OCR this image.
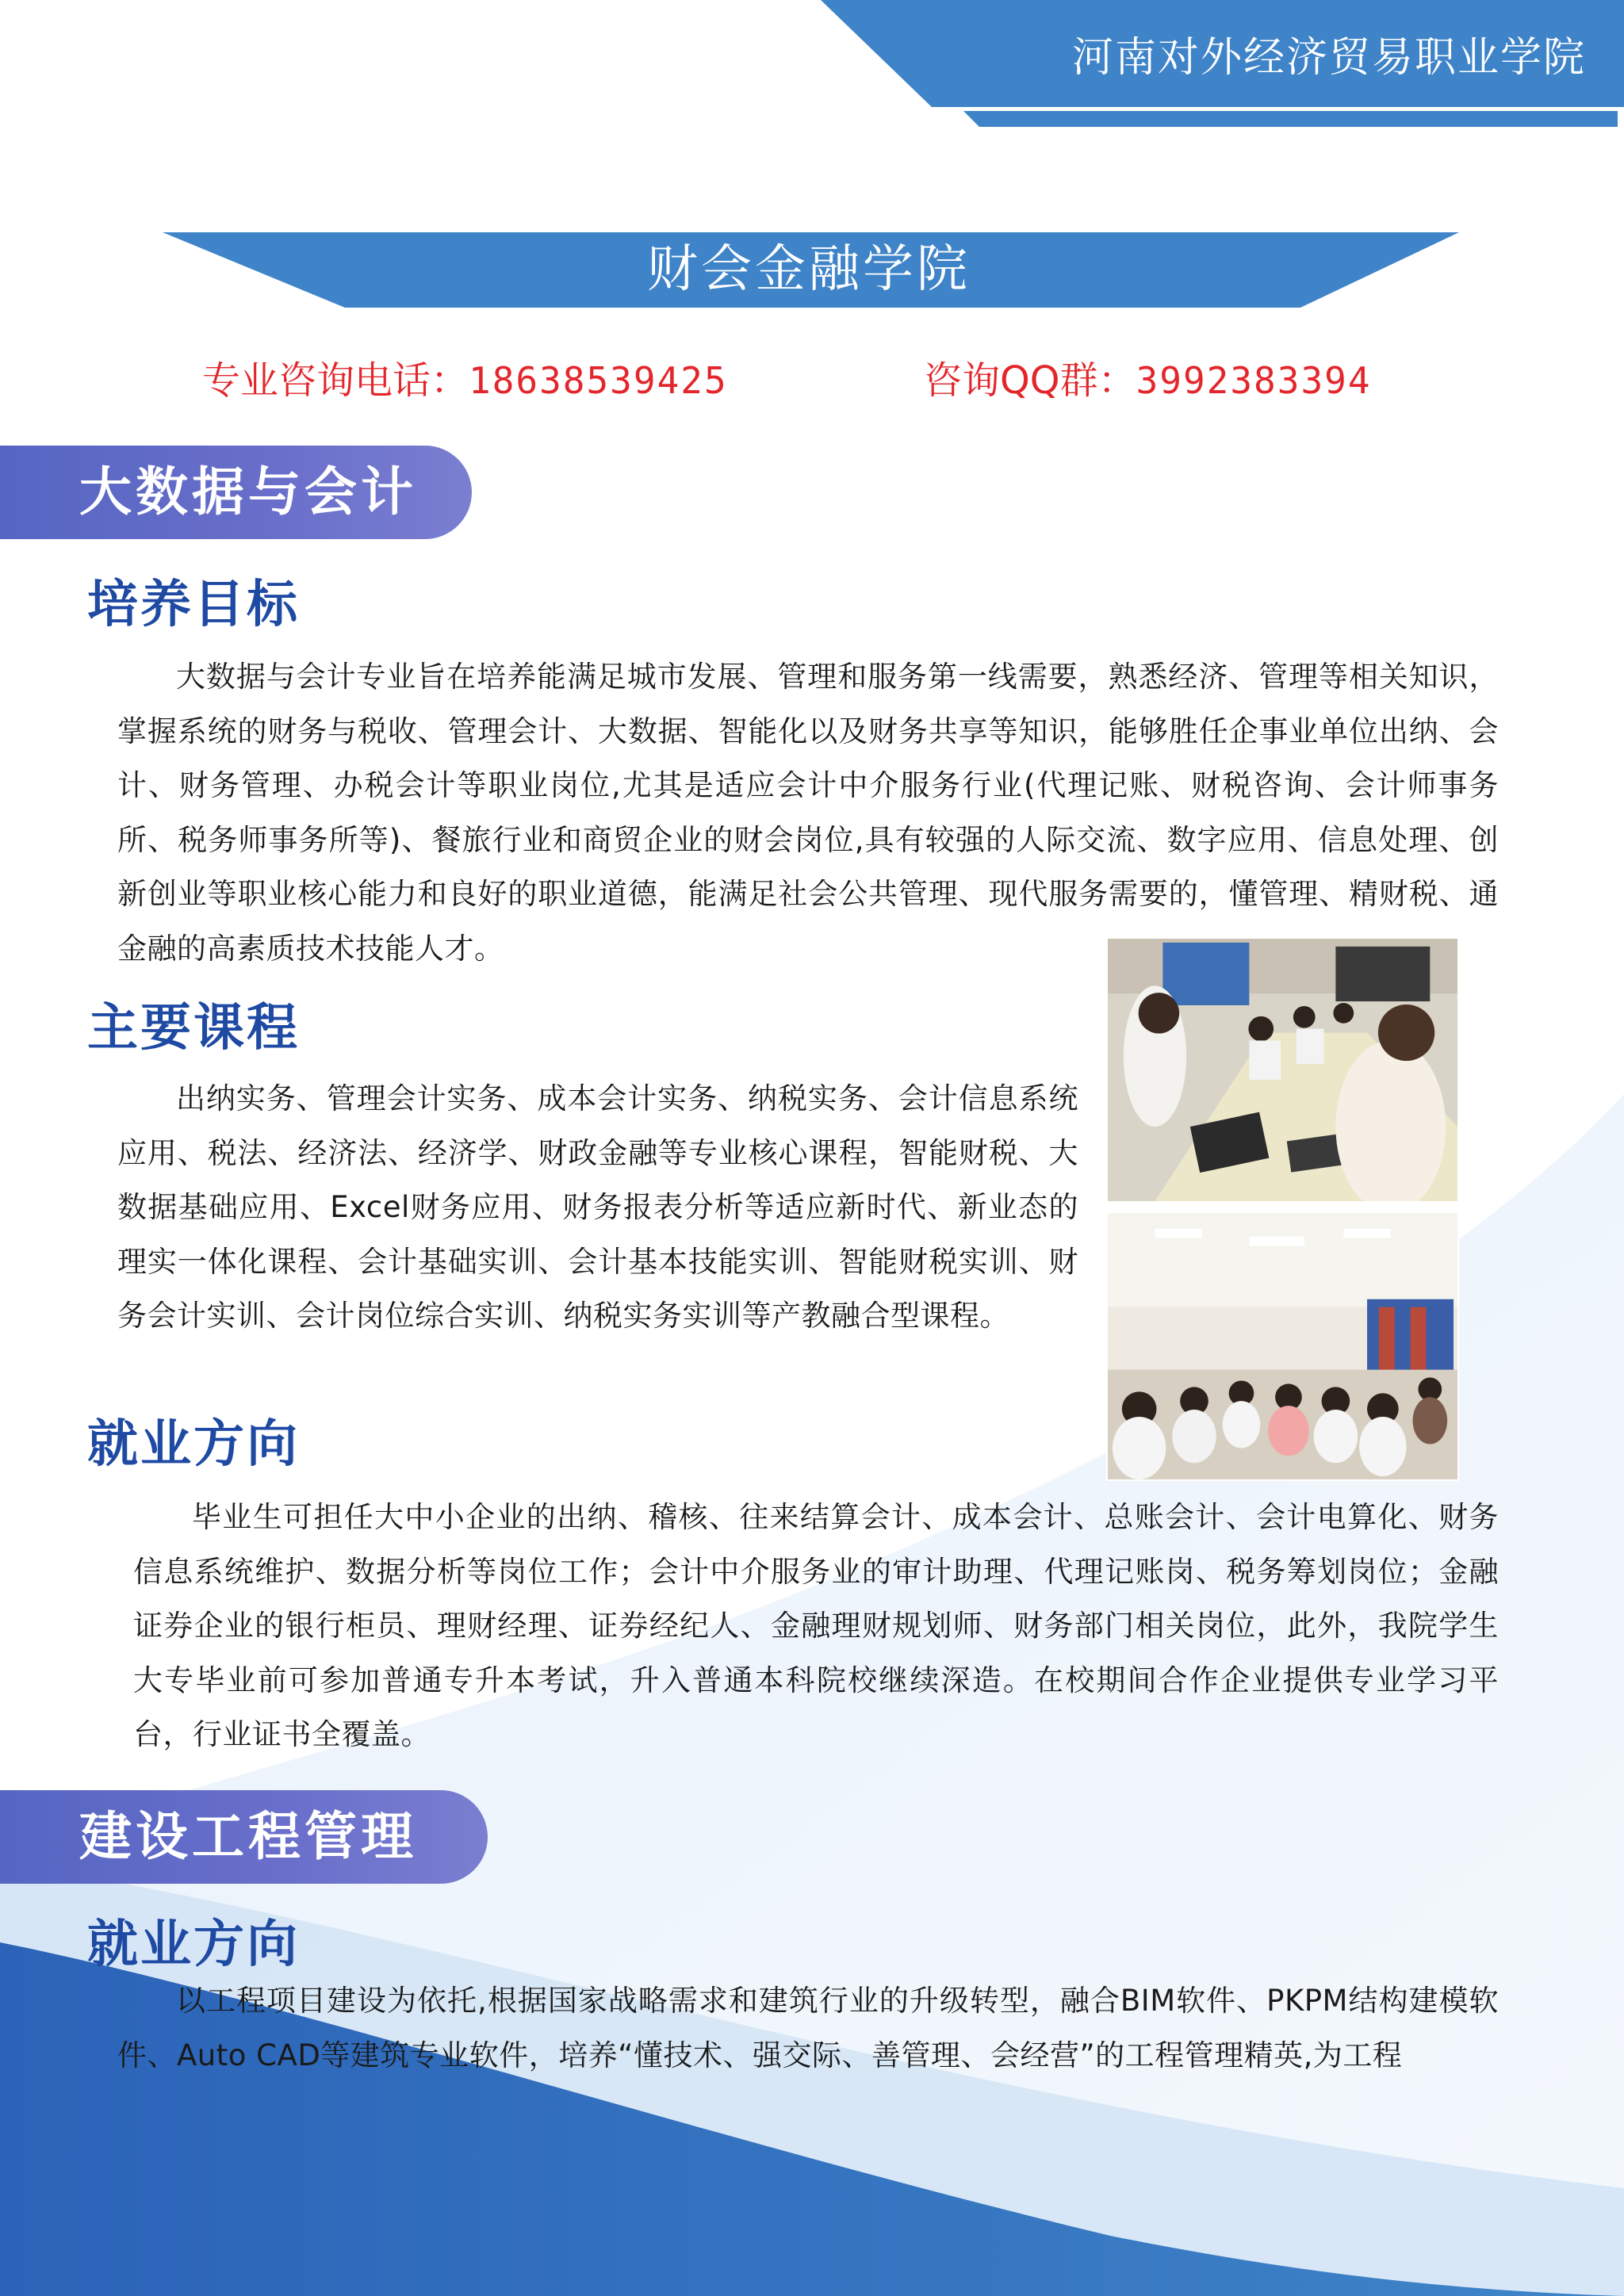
河南对外经济贸易职业学院
财会金融学院
专业咨询电话：18638539425	咨询QQ群：3992383394
大数据与会计
培养目标

大数据与会计专业旨在培养能满足城市发展、管理和服务第一线需要，熟悉经济、管理等相关知识，掌握系统的财务与税收、管理会计、大数据、智能化以及财务共享等知识，能够胜任企事业单位出纳、会计、财务管理、办税会计等职业岗位,尤其是适应会计中介服务行业(代理记账、财税咨询、会计师事务所、税务师事务所等)、餐旅行业和商贸企业的财会岗位,具有较强的人际交流、数字应用、信息处理、创新创业等职业核心能力和良好的职业道德，能满足社会公共管理、现代服务需要的，懂管理、精财税、通金融的高素质技术技能人才。

主要课程

出纳实务、管理会计实务、成本会计实务、纳税实务、会计信息系统应用、税法、经济法、经济学、财政金融等专业核心课程，智能财税、大数据基础应用、Excel财务应用、财务报表分析等适应新时代、新业态的理实一体化课程、会计基础实训、会计基本技能实训、智能财税实训、财务会计实训、会计岗位综合实训、纳税实务实训等产教融合型课程。

就业方向

毕业生可担任大中小企业的出纳、稽核、往来结算会计、成本会计、总账会计、会计电算化、财务信息系统维护、数据分析等岗位工作；会计中介服务业的审计助理、代理记账岗、税务筹划岗位；金融证券企业的银行柜员、理财经理、证券经纪人、金融理财规划师、财务部门相关岗位，此外，我院学生大专毕业前可参加普通专升本考试，升入普通本科院校继续深造。在校期间合作企业提供专业学习平台，行业证书全覆盖。

建设工程管理
就业方向

以工程项目建设为依托,根据国家战略需求和建筑行业的升级转型，融合BIM软件、PKPM结构建模软件、Auto CAD等建筑专业软件，培养“懂技术、强交际、善管理、会经营”的工程管理精英,为工程
